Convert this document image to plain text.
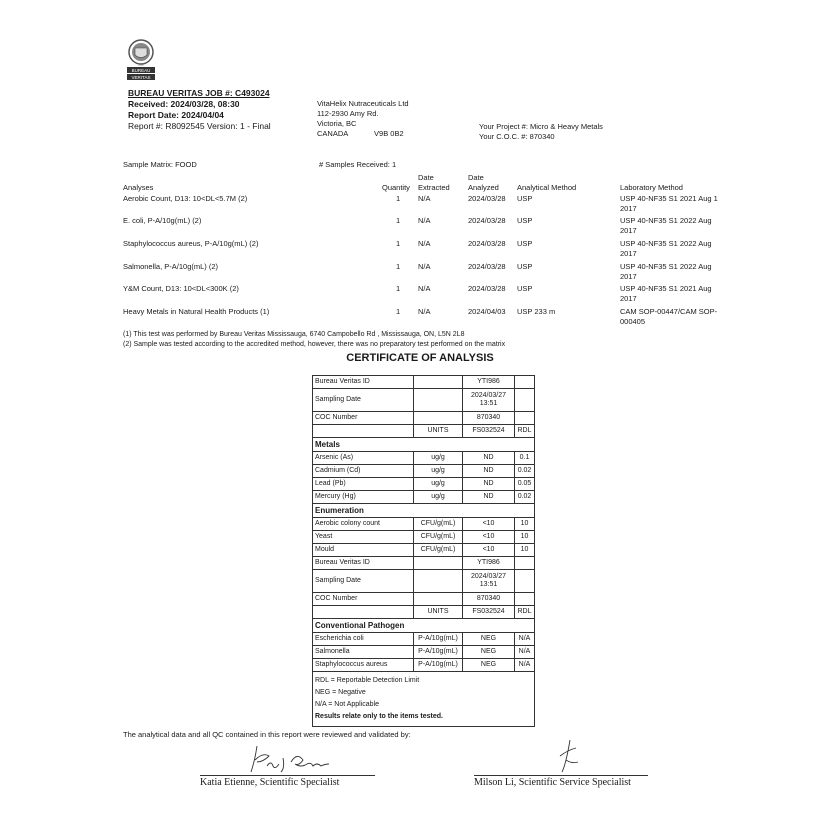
BUREAU
VERITAS
1828
BUREAU VERITAS JOB #: C493024
Received: 2024/03/28, 08:30
Report Date: 2024/04/04
Report #: R8092545 Version: 1 - Final
VitaHelix Nutraceuticals Ltd
112-2930 Amy Rd.
Victoria, BC
CANADA	V9B 0B2
Your Project #: Micro & Heavy Metals
Your C.O.C. #: 870340
Sample Matrix: FOOD	# Samples Received: 1
Analyses	Quantity
Date
Extracted
Date
Analyzed Analytical Method	Laboratory Method
Aerobic Count, D13: 10<DL<5.7M (2)	1 N/A	2024/03/28 USP	USP 40-NF35 S1 2021 Aug 1
2017
E. coli, P-A/10g(mL) (2)	1 N/A	2024/03/28 USP	USP 40-NF35 S1 2022 Aug
2017
Staphylococcus aureus, P-A/10g(mL) (2)	1 N/A	2024/03/28 USP	USP 40-NF35 S1 2022 Aug
2017
Salmonella, P-A/10g(mL) (2)	1 N/A	2024/03/28 USP	USP 40-NF35 S1 2022 Aug
2017
Y&M Count, D13: 10<DL<300K (2)	1 N/A	2024/03/28 USP	USP 40-NF35 S1 2021 Aug
2017
Heavy Metals in Natural Health Products (1)	1 N/A	2024/04/03 USP 233 m	CAM SOP-00447/CAM SOP-
000405
(1) This test was performed by Bureau Veritas Mississauga, 6740 Campobello Rd , Mississauga, ON, L5N 2L8
(2) Sample was tested according to the accredited method, however, there was no preparatory test performed on the matrix
CERTIFICATE OF ANALYSIS
Bureau Veritas ID		YTI986	
Sampling Date		2024/03/27
13:51	

COC Number		870340	
	UNITS	FS032524	RDL
Metals			
Arsenic (As)	ug/g	ND	0.1
Cadmium (Cd)	ug/g	ND	0.02
Lead (Pb)	ug/g	ND	0.05
Mercury (Hg)	ug/g	ND	0.02
Enumeration			
Aerobic colony count	CFU/g(mL)	<10	10
Yeast	CFU/g(mL)	<10	10
Mould	CFU/g(mL)	<10	10
Bureau Veritas ID		YTI986	
Sampling Date		2024/03/27
13:51	

COC Number		870340	
	UNITS	FS032524	RDL
Conventional Pathogen			
Escherichia coli	P-A/10g(mL)	NEG	N/A
Salmonella	P-A/10g(mL)	NEG	N/A
Staphylococcus aureus	P-A/10g(mL)	NEG	N/A
RDL = Reportable Detection Limit			
NEG = Negative			
N/A = Not Applicable			
Results relate only to the items tested.			
The analytical data and all QC contained in this report were reviewed and validated by:
Katia Etienne, Scientific Specialist	Milson Li, Scientific Service Specialist
